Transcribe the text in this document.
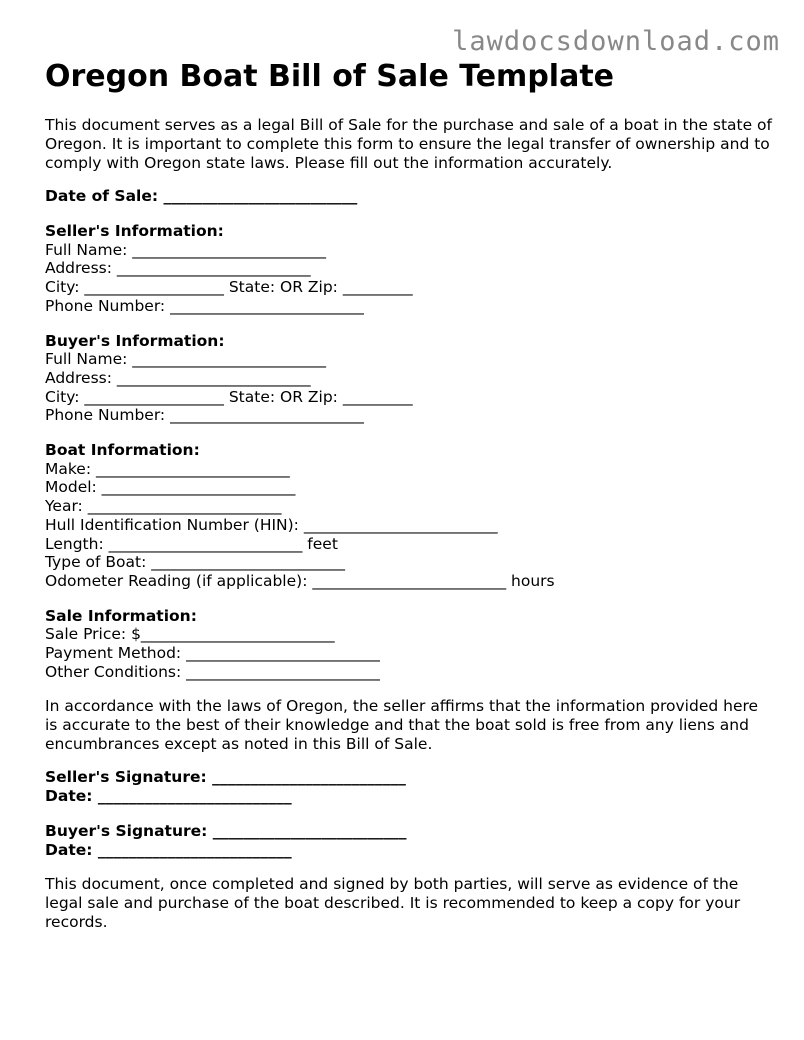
lawdocsdownload.com
Oregon Boat Bill of Sale Template

This document serves as a legal Bill of Sale for the purchase and sale of a boat in the state of Oregon. It is important to complete this form to ensure the legal transfer of ownership and to comply with Oregon state laws. Please fill out the information accurately.

Date of Sale: _________________________
Seller's Information:
Full Name: _________________________
Address: _________________________
City: __________________ State: OR Zip: _________
Phone Number: _________________________
Buyer's Information:
Full Name: _________________________
Address: _________________________
City: __________________ State: OR Zip: _________
Phone Number: _________________________
Boat Information:
Make: _________________________
Model: _________________________
Year: _________________________
Hull Identification Number (HIN): _________________________
Length: _________________________ feet
Type of Boat: _________________________
Odometer Reading (if applicable): _________________________ hours
Sale Information:
Sale Price: $_________________________
Payment Method: _________________________
Other Conditions: _________________________

In accordance with the laws of Oregon, the seller affirms that the information provided here is accurate to the best of their knowledge and that the boat sold is free from any liens and encumbrances except as noted in this Bill of Sale.

Seller's Signature: _________________________
Date: _________________________
Buyer's Signature: _________________________
Date: _________________________

This document, once completed and signed by both parties, will serve as evidence of the legal sale and purchase of the boat described. It is recommended to keep a copy for your records.
